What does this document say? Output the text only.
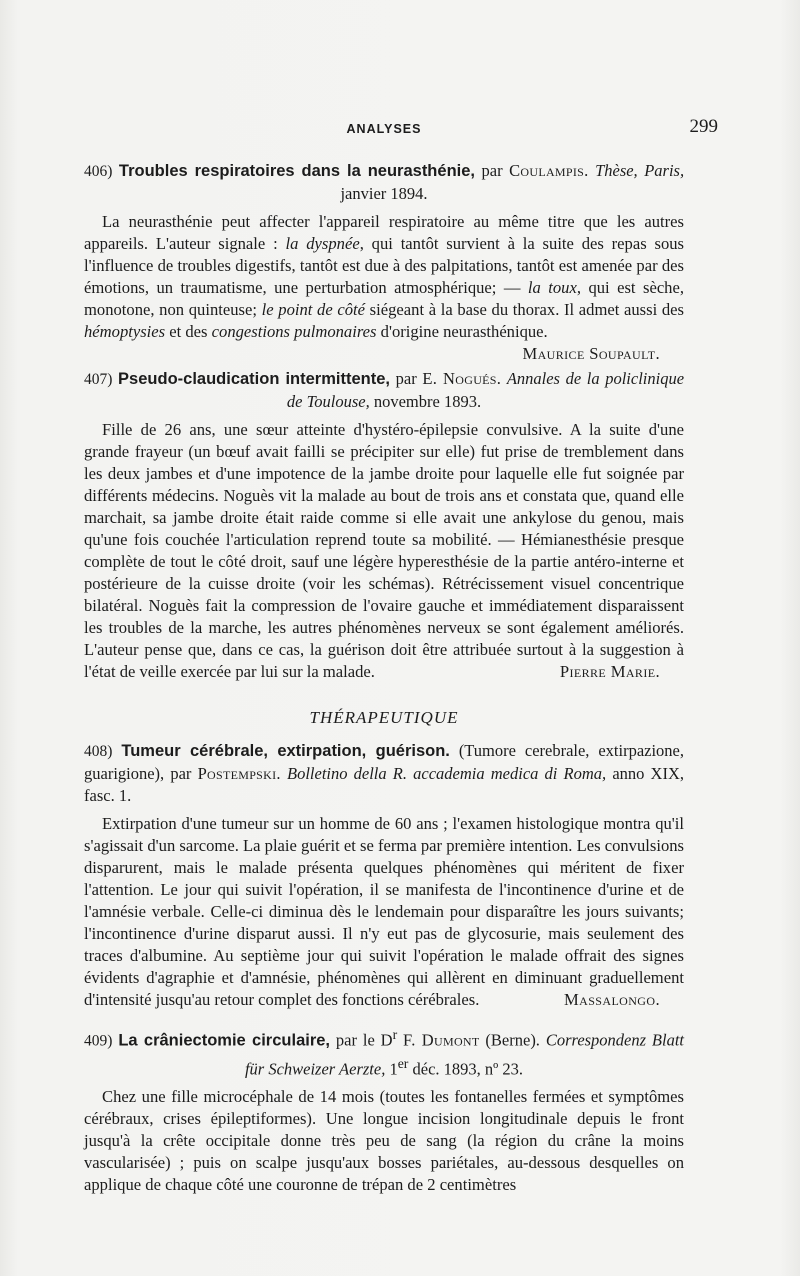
ANALYSES	299

406) Troubles respiratoires dans la neurasthénie, par Coulampis. Thèse, Paris, janvier 1894.

La neurasthénie peut affecter l'appareil respiratoire au même titre que les autres appareils. L'auteur signale : la dyspnée, qui tantôt survient à la suite des repas sous l'influence de troubles digestifs, tantôt est due à des palpitations, tantôt est amenée par des émotions, un traumatisme, une perturbation atmosphérique; — la toux, qui est sèche, monotone, non quinteuse; le point de côté siégeant à la base du thorax. Il admet aussi des hémoptysies et des congestions pulmonaires d'origine neurasthénique.
Maurice Soupault.

407) Pseudo-claudication intermittente, par E. Nogués. Annales de la policlinique de Toulouse, novembre 1893.

Fille de 26 ans, une sœur atteinte d'hystéro-épilepsie convulsive. A la suite d'une grande frayeur (un bœuf avait failli se précipiter sur elle) fut prise de tremblement dans les deux jambes et d'une impotence de la jambe droite pour laquelle elle fut soignée par différents médecins. Noguès vit la malade au bout de trois ans et constata que, quand elle marchait, sa jambe droite était raide comme si elle avait une ankylose du genou, mais qu'une fois couchée l'articulation reprend toute sa mobilité. — Hémianesthésie presque complète de tout le côté droit, sauf une légère hyperesthésie de la partie antéro-interne et postérieure de la cuisse droite (voir les schémas). Rétrécissement visuel concentrique bilatéral. Noguès fait la compression de l'ovaire gauche et immédiatement disparaissent les troubles de la marche, les autres phénomènes nerveux se sont également améliorés. L'auteur pense que, dans ce cas, la guérison doit être attribuée surtout à la suggestion à l'état de veille exercée par lui sur la malade.	Pierre Marie.

THÉRAPEUTIQUE

408) Tumeur cérébrale, extirpation, guérison. (Tumore cerebrale, extirpazione, guarigione), par Postempski. Bolletino della R. accademia medica di Roma, anno XIX, fasc. 1.

Extirpation d'une tumeur sur un homme de 60 ans ; l'examen histologique montra qu'il s'agissait d'un sarcome. La plaie guérit et se ferma par première intention. Les convulsions disparurent, mais le malade présenta quelques phénomènes qui méritent de fixer l'attention. Le jour qui suivit l'opération, il se manifesta de l'incontinence d'urine et de l'amnésie verbale. Celle-ci diminua dès le lendemain pour disparaître les jours suivants; l'incontinence d'urine disparut aussi. Il n'y eut pas de glycosurie, mais seulement des traces d'albumine. Au septième jour qui suivit l'opération le malade offrait des signes évidents d'agraphie et d'amnésie, phénomènes qui allèrent en diminuant graduellement d'intensité jusqu'au retour complet des fonctions cérébrales.	Massalongo.

409) La crâniectomie circulaire, par le $D^r$ F. Dumont (Berne). Correspondenz Blatt für Schweizer Aerzte, 1er déc. 1893, nº 23.

Chez une fille microcéphale de 14 mois (toutes les fontanelles fermées et symptômes cérébraux, crises épileptiformes). Une longue incision longitudinale depuis le front jusqu'à la crête occipitale donne très peu de sang (la région du crâne la moins vascularisée) ; puis on scalpe jusqu'aux bosses pariétales, au-dessous desquelles on applique de chaque côté une couronne de trépan de 2 centimètres
